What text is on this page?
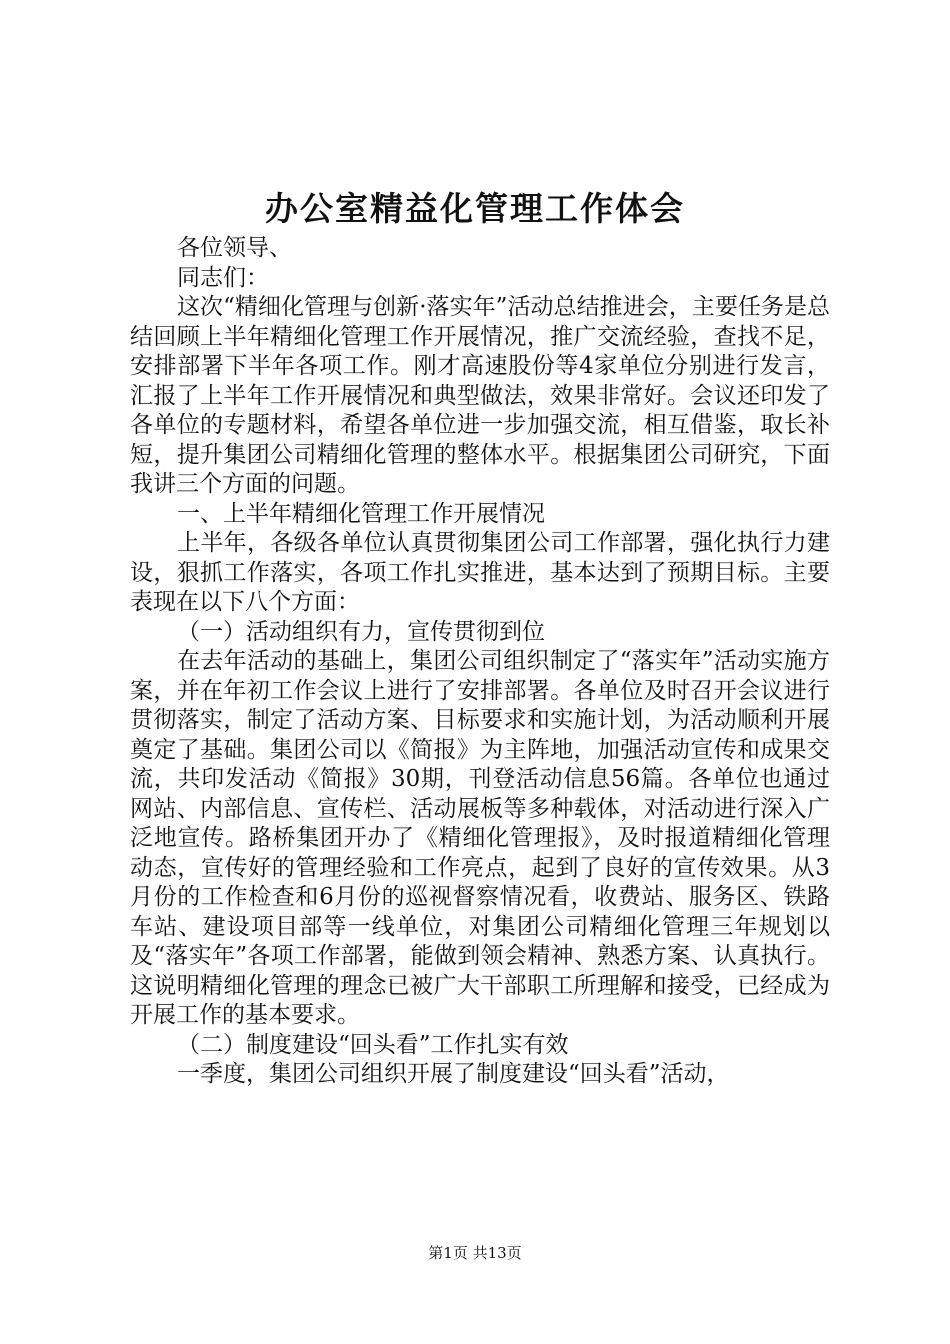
办公室精益化管理工作体会

各位领导、

同志们：

这次“精细化管理与创新·落实年”活动总结推进会，主要任务是总结回顾上半年精细化管理工作开展情况，推广交流经验，查找不足，安排部署下半年各项工作。刚才高速股份等4家单位分别进行发言，汇报了上半年工作开展情况和典型做法，效果非常好。会议还印发了各单位的专题材料，希望各单位进一步加强交流，相互借鉴，取长补短，提升集团公司精细化管理的整体水平。根据集团公司研究，下面我讲三个方面的问题。

一、上半年精细化管理工作开展情况

上半年，各级各单位认真贯彻集团公司工作部署，强化执行力建设，狠抓工作落实，各项工作扎实推进，基本达到了预期目标。主要表现在以下八个方面：

（一）活动组织有力，宣传贯彻到位

在去年活动的基础上，集团公司组织制定了“落实年”活动实施方案，并在年初工作会议上进行了安排部署。各单位及时召开会议进行贯彻落实，制定了活动方案、目标要求和实施计划，为活动顺利开展奠定了基础。集团公司以《简报》为主阵地，加强活动宣传和成果交流，共印发活动《简报》30期，刊登活动信息56篇。各单位也通过网站、内部信息、宣传栏、活动展板等多种载体，对活动进行深入广泛地宣传。路桥集团开办了《精细化管理报》，及时报道精细化管理动态，宣传好的管理经验和工作亮点，起到了良好的宣传效果。从3月份的工作检查和6月份的巡视督察情况看，收费站、服务区、铁路车站、建设项目部等一线单位，对集团公司精细化管理三年规划以及“落实年”各项工作部署，能做到领会精神、熟悉方案、认真执行。这说明精细化管理的理念已被广大干部职工所理解和接受，已经成为开展工作的基本要求。

（二）制度建设“回头看”工作扎实有效

一季度，集团公司组织开展了制度建设“回头看”活动，

第1页 共13页
